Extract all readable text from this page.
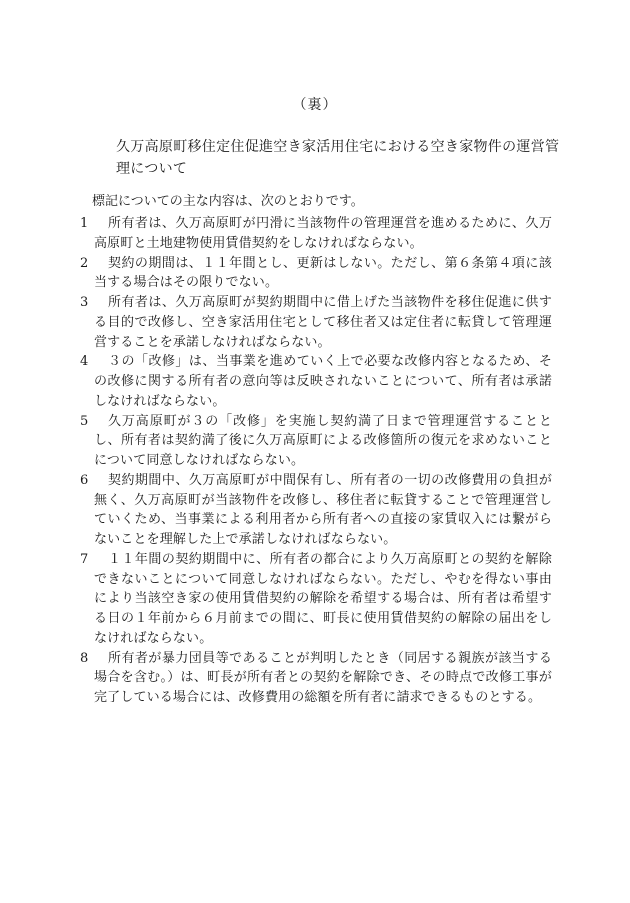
（裏）
久万高原町移住定住促進空き家活用住宅における空き家物件の運営管理について
標記についての主な内容は、次のとおりです。
1	所有者は、久万高原町が円滑に当該物件の管理運営を進めるために、久万高原町と土地建物使用賃借契約をしなければならない。
2	契約の期間は、１１年間とし、更新はしない。ただし、第６条第４項に該当する場合はその限りでない。
3	所有者は、久万高原町が契約期間中に借上げた当該物件を移住促進に供する目的で改修し、空き家活用住宅として移住者又は定住者に転貸して管理運営することを承諾しなければならない。
4	３の「改修」は、当事業を進めていく上で必要な改修内容となるため、その改修に関する所有者の意向等は反映されないことについて、所有者は承諾しなければならない。
5	久万高原町が３の「改修」を実施し契約満了日まで管理運営することとし、所有者は契約満了後に久万高原町による改修箇所の復元を求めないことについて同意しなければならない。
6	契約期間中、久万高原町が中間保有し、所有者の一切の改修費用の負担が無く、久万高原町が当該物件を改修し、移住者に転貸することで管理運営していくため、当事業による利用者から所有者への直接の家賃収入には繋がらないことを理解した上で承諾しなければならない。
7	１１年間の契約期間中に、所有者の都合により久万高原町との契約を解除できないことについて同意しなければならない。ただし、やむを得ない事由により当該空き家の使用賃借契約の解除を希望する場合は、所有者は希望する日の１年前から６月前までの間に、町長に使用賃借契約の解除の届出をしなければならない。
8	所有者が暴力団員等であることが判明したとき（同居する親族が該当する場合を含む。）は、町長が所有者との契約を解除でき、その時点で改修工事が完了している場合には、改修費用の総額を所有者に請求できるものとする。
